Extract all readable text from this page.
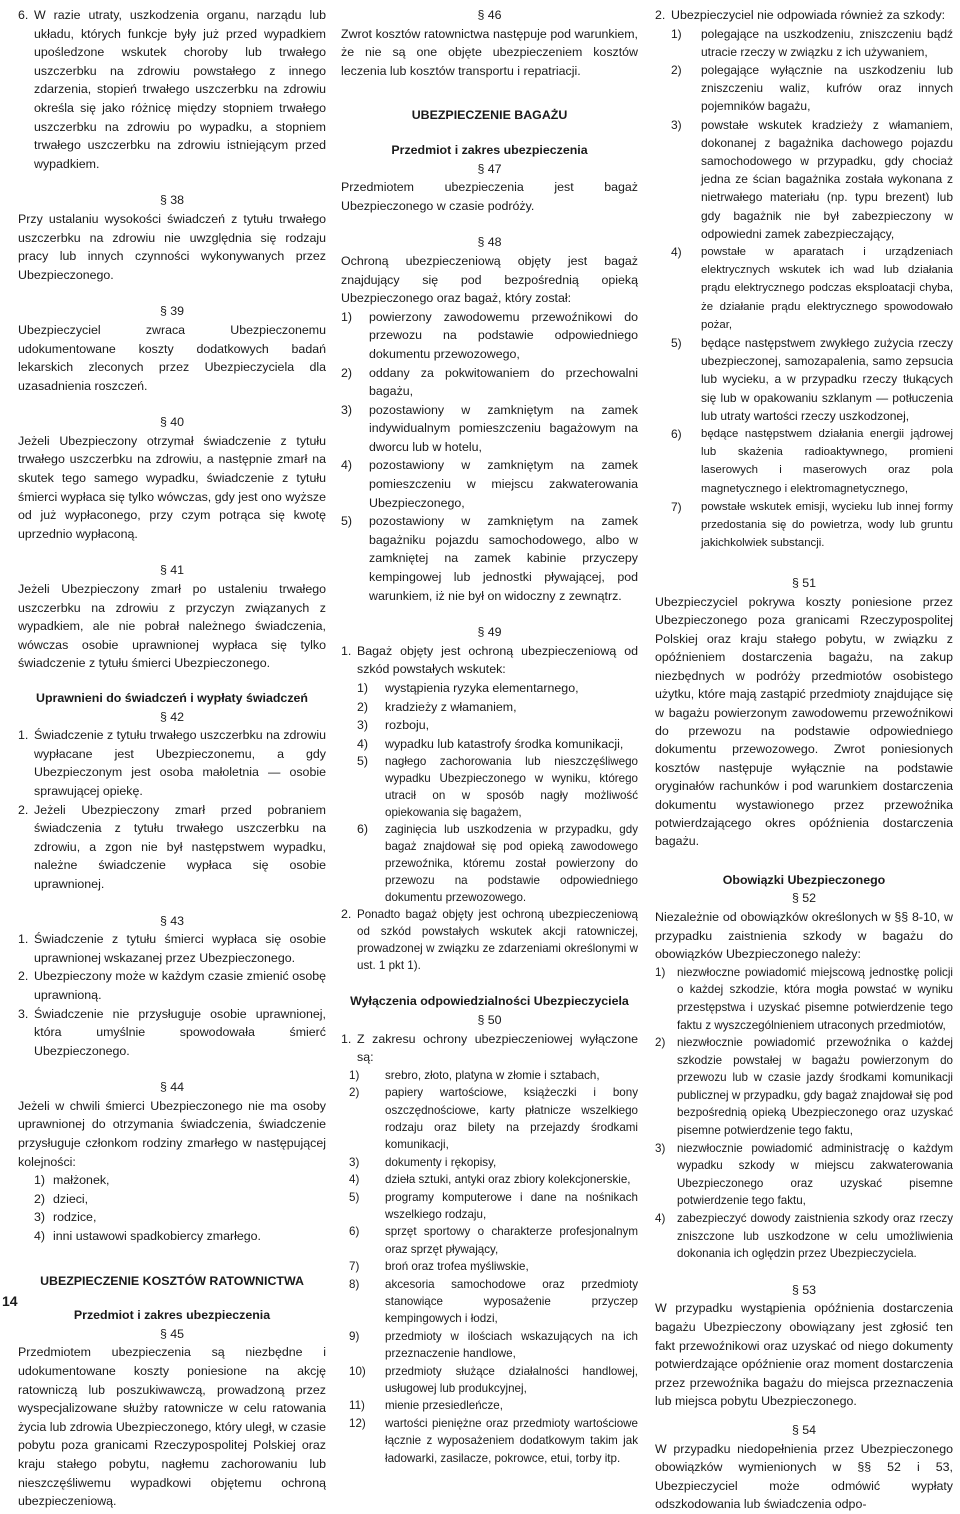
6. W razie utraty, uszkodzenia organu, narządu lub układu, których funkcje były już przed wypadkiem upośledzone wskutek choroby lub trwałego uszczerbku na zdrowiu powstałego z innego zdarzenia, stopień trwałego uszczerbku na zdrowiu określa się jako różnicę między stopniem trwałego uszczerbku na zdrowiu po wypadku, a stopniem trwałego uszczerbku na zdrowiu istniejącym przed wypadkiem.
§ 38

Przy ustalaniu wysokości świadczeń z tytułu trwałego uszczerbku na zdrowiu nie uwzględnia się rodzaju pracy lub innych czynności wykonywanych przez Ubezpieczonego.

§ 39

Ubezpieczyciel zwraca Ubezpieczonemu udokumentowane koszty dodatkowych badań lekarskich zleconych przez Ubezpieczyciela dla uzasadnienia roszczeń.

§ 40

Jeżeli Ubezpieczony otrzymał świadczenie z tytułu trwałego uszczerbku na zdrowiu, a następnie zmarł na skutek tego samego wypadku, świadczenie z tytułu śmierci wypłaca się tylko wówczas, gdy jest ono wyższe od już wypłaconego, przy czym potrąca się kwotę uprzednio wypłaconą.

§ 41

Jeżeli Ubezpieczony zmarł po ustaleniu trwałego uszczerbku na zdrowiu z przyczyn związanych z wypadkiem, ale nie pobrał należnego świadczenia, wówczas osobie uprawnionej wypłaca się tylko świadczenie z tytułu śmierci Ubezpieczonego.

Uprawnieni do świadczeń i wypłaty świadczeń
§ 42
1. Świadczenie z tytułu trwałego uszczerbku na zdrowiu wypłacane jest Ubezpieczonemu, a gdy Ubezpieczonym jest osoba małoletnia — osobie sprawującej opiekę.
2. Jeżeli Ubezpieczony zmarł przed pobraniem świadczenia z tytułu trwałego uszczerbku na zdrowiu, a zgon nie był następstwem wypadku, należne świadczenie wypłaca się osobie uprawnionej.
§ 43
1. Świadczenie z tytułu śmierci wypłaca się osobie uprawnionej wskazanej przez Ubezpieczonego.
2. Ubezpieczony może w każdym czasie zmienić osobę uprawnioną.
3. Świadczenie nie przysługuje osobie uprawnionej, która umyślnie spowodowała śmierć Ubezpieczonego.
§ 44

Jeżeli w chwili śmierci Ubezpieczonego nie ma osoby uprawnionej do otrzymania świadczenia, świadczenie przysługuje członkom rodziny zmarłego w następującej kolejności:

1) małżonek,
2) dzieci,
3) rodzice,
4) inni ustawowi spadkobiercy zmarłego.
UBEZPIECZENIE KOSZTÓW RATOWNICTWA
Przedmiot i zakres ubezpieczenia
§ 45

Przedmiotem ubezpieczenia są niezbędne i udokumentowane koszty poniesione na akcję ratowniczą lub poszukiwawczą, prowadzoną przez wyspecjalizowane służby ratownicze w celu ratowania życia lub zdrowia Ubezpieczonego, który uległ, w czasie pobytu poza granicami Rzeczypospolitej Polskiej oraz kraju stałego pobytu, nagłemu zachorowaniu lub nieszczęśliwemu wypadkowi objętemu ochroną ubezpieczeniową.

§ 46

Zwrot kosztów ratownictwa następuje pod warunkiem, że nie są one objęte ubezpieczeniem kosztów leczenia lub kosztów transportu i repatriacji.

UBEZPIECZENIE BAGAŻU
Przedmiot i zakres ubezpieczenia
§ 47

Przedmiotem ubezpieczenia jest bagaż Ubezpieczonego w czasie podróży.

§ 48

Ochroną ubezpieczeniową objęty jest bagaż znajdujący się pod bezpośrednią opieką Ubezpieczonego oraz bagaż, który został:

1) powierzony zawodowemu przewoźnikowi do przewozu na podstawie odpowiedniego dokumentu przewozowego,
2) oddany za pokwitowaniem do przechowalni bagażu,
3) pozostawiony w zamkniętym na zamek indywidualnym pomieszczeniu bagażowym na dworcu lub w hotelu,
4) pozostawiony w zamkniętym na zamek pomieszczeniu w miejscu zakwaterowania Ubezpieczonego,
5) pozostawiony w zamkniętym na zamek bagażniku pojazdu samochodowego, albo w zamkniętej na zamek kabinie przyczepy kempingowej lub jednostki pływającej, pod warunkiem, iż nie był on widoczny z zewnątrz.
§ 49
1. Bagaż objęty jest ochroną ubezpieczeniową od szkód powstałych wskutek:
1) wystąpienia ryzyka elementarnego,
2) kradzieży z włamaniem,
3) rozboju,
4) wypadku lub katastrofy środka komunikacji,
5) nagłego zachorowania lub nieszczęśliwego wypadku Ubezpieczonego w wyniku, którego utracił on w sposób nagły możliwość opiekowania się bagażem,
6) zaginięcia lub uszkodzenia w przypadku, gdy bagaż znajdował się pod opieką zawodowego przewoźnika, któremu został powierzony do przewozu na podstawie odpowiedniego dokumentu przewozowego.
2. Ponadto bagaż objęty jest ochroną ubezpieczeniową od szkód powstałych wskutek akcji ratowniczej, prowadzonej w związku ze zdarzeniami określonymi w ust. 1 pkt 1).
Wyłączenia odpowiedzialności Ubezpieczyciela
§ 50
1. Z zakresu ochrony ubezpieczeniowej wyłączone są:
1) srebro, złoto, platyna w złomie i sztabach,
2) papiery wartościowe, książeczki i bony oszczędnościowe, karty płatnicze wszelkiego rodzaju oraz bilety na przejazdy środkami komunikacji,
3) dokumenty i rękopisy,
4) dzieła sztuki, antyki oraz zbiory kolekcjonerskie,
5) programy komputerowe i dane na nośnikach wszelkiego rodzaju,
6) sprzęt sportowy o charakterze profesjonalnym oraz sprzęt pływający,
7) broń oraz trofea myśliwskie,
8) akcesoria samochodowe oraz przedmioty stanowiące wyposażenie przyczep kempingowych i łodzi,
9) przedmioty w ilościach wskazujących na ich przeznaczenie handlowe,
10) przedmioty służące działalności handlowej, usługowej lub produkcyjnej,
11) mienie przesiedleńcze,
12) wartości pieniężne oraz przedmioty wartościowe łącznie z wyposażeniem dodatkowym takim jak ładowarki, zasilacze, pokrowce, etui, torby itp.
2. Ubezpieczyciel nie odpowiada również za szkody:
1) polegające na uszkodzeniu, zniszczeniu bądź utracie rzeczy w związku z ich używaniem,
2) polegające wyłącznie na uszkodzeniu lub zniszczeniu waliz, kufrów oraz innych pojemników bagażu,
3) powstałe wskutek kradzieży z włamaniem, dokonanej z bagażnika dachowego pojazdu samochodowego w przypadku, gdy chociaż jedna ze ścian bagażnika została wykonana z nietrwałego materiału (np. typu brezent) lub gdy bagażnik nie był zabezpieczony w odpowiedni zamek zabezpieczający,
4) powstałe w aparatach i urządzeniach elektrycznych wskutek ich wad lub działania prądu elektrycznego podczas eksploatacji chyba, że działanie prądu elektrycznego spowodowało pożar,
5) będące następstwem zwykłego zużycia rzeczy ubezpieczonej, samozapalenia, samo zepsucia lub wycieku, a w przypadku rzeczy tłukących się lub w opakowaniu szklanym — potłuczenia lub utraty wartości rzeczy uszkodzonej,
6) będące następstwem działania energii jądrowej lub skażenia radioaktywnego, promieni laserowych i maserowych oraz pola magnetycznego i elektromagnetycznego,
7) powstałe wskutek emisji, wycieku lub innej formy przedostania się do powietrza, wody lub gruntu jakichkolwiek substancji.
§ 51

Ubezpieczyciel pokrywa koszty poniesione przez Ubezpieczonego poza granicami Rzeczypospolitej Polskiej oraz kraju stałego pobytu, w związku z opóźnieniem dostarczenia bagażu, na zakup niezbędnych w podróży przedmiotów osobistego użytku, które mają zastąpić przedmioty znajdujące się w bagażu powierzonym zawodowemu przewoźnikowi do przewozu na podstawie odpowiedniego dokumentu przewozowego. Zwrot poniesionych kosztów następuje wyłącznie na podstawie oryginałów rachunków i pod warunkiem dostarczenia dokumentu wystawionego przez przewoźnika potwierdzającego okres opóźnienia dostarczenia bagażu.

Obowiązki Ubezpieczonego
§ 52

Niezależnie od obowiązków określonych w §§ 8-10, w przypadku zaistnienia szkody w bagażu do obowiązków Ubezpieczonego należy:

1) niezwłoczne powiadomić miejscową jednostkę policji o każdej szkodzie, która mogła powstać w wyniku przestępstwa i uzyskać pisemne potwierdzenie tego faktu z wyszczególnieniem utraconych przedmiotów,
2) niezwłocznie powiadomić przewoźnika o każdej szkodzie powstałej w bagażu powierzonym do przewozu lub w czasie jazdy środkami komunikacji publicznej w przypadku, gdy bagaż znajdował się pod bezpośrednią opieką Ubezpieczonego oraz uzyskać pisemne potwierdzenie tego faktu,
3) niezwłocznie powiadomić administrację o każdym wypadku szkody w miejscu zakwaterowania Ubezpieczonego oraz uzyskać pisemne potwierdzenie tego faktu,
4) zabezpieczyć dowody zaistnienia szkody oraz rzeczy zniszczone lub uszkodzone w celu umożliwienia dokonania ich oględzin przez Ubezpieczyciela.
§ 53

W przypadku wystąpienia opóźnienia dostarczenia bagażu Ubezpieczony obowiązany jest zgłosić ten fakt przewoźnikowi oraz uzyskać od niego dokumenty potwierdzające opóźnienie oraz moment dostarczenia przez przewoźnika bagażu do miejsca przeznaczenia lub miejsca pobytu Ubezpieczonego.

§ 54

W przypadku niedopełnienia przez Ubezpieczonego obowiązków wymienionych w §§ 52 i 53, Ubezpieczyciel może odmówić wypłaty odszkodowania lub świadczenia odpo-

14
